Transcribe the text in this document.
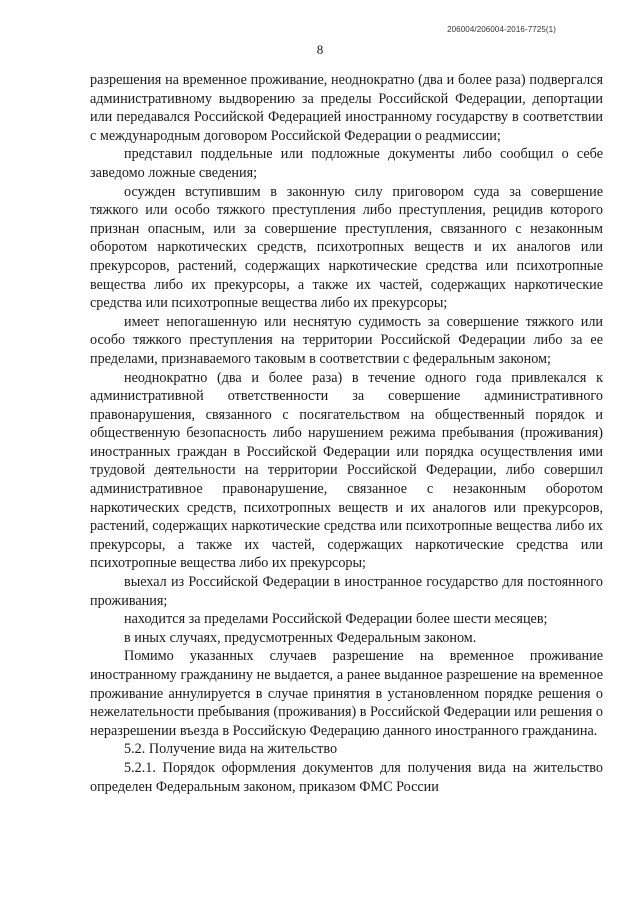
206004/206004-2016-7725(1)
8

разрешения на временное проживание, неоднократно (два и более раза) подвергался административному выдворению за пределы Российской Федерации, депортации или передавался Российской Федерацией иностранному государству в соответствии с международным договором Российской Федерации о реадмиссии;

представил поддельные или подложные документы либо сообщил о себе заведомо ложные сведения;

осужден вступившим в законную силу приговором суда за совершение тяжкого или особо тяжкого преступления либо преступления, рецидив которого признан опасным, или за совершение преступления, связанного с незаконным оборотом наркотических средств, психотропных веществ и их аналогов или прекурсоров, растений, содержащих наркотические средства или психотропные вещества либо их прекурсоры, а также их частей, содержащих наркотические средства или психотропные вещества либо их прекурсоры;

имеет непогашенную или неснятую судимость за совершение тяжкого или особо тяжкого преступления на территории Российской Федерации либо за ее пределами, признаваемого таковым в соответствии с федеральным законом;

неоднократно (два и более раза) в течение одного года привлекался к административной ответственности за совершение административного правонарушения, связанного с посягательством на общественный порядок и общественную безопасность либо нарушением режима пребывания (проживания) иностранных граждан в Российской Федерации или порядка осуществления ими трудовой деятельности на территории Российской Федерации, либо совершил административное правонарушение, связанное с незаконным оборотом наркотических средств, психотропных веществ и их аналогов или прекурсоров, растений, содержащих наркотические средства или психотропные вещества либо их прекурсоры, а также их частей, содержащих наркотические средства или психотропные вещества либо их прекурсоры;

выехал из Российской Федерации в иностранное государство для постоянного проживания;

находится за пределами Российской Федерации более шести месяцев;

в иных случаях, предусмотренных Федеральным законом.

Помимо указанных случаев разрешение на временное проживание иностранному гражданину не выдается, а ранее выданное разрешение на временное проживание аннулируется в случае принятия в установленном порядке решения о нежелательности пребывания (проживания) в Российской Федерации или решения о неразрешении въезда в Российскую Федерацию данного иностранного гражданина.

5.2. Получение вида на жительство

5.2.1. Порядок оформления документов для получения вида на жительство определен Федеральным законом, приказом ФМС России
